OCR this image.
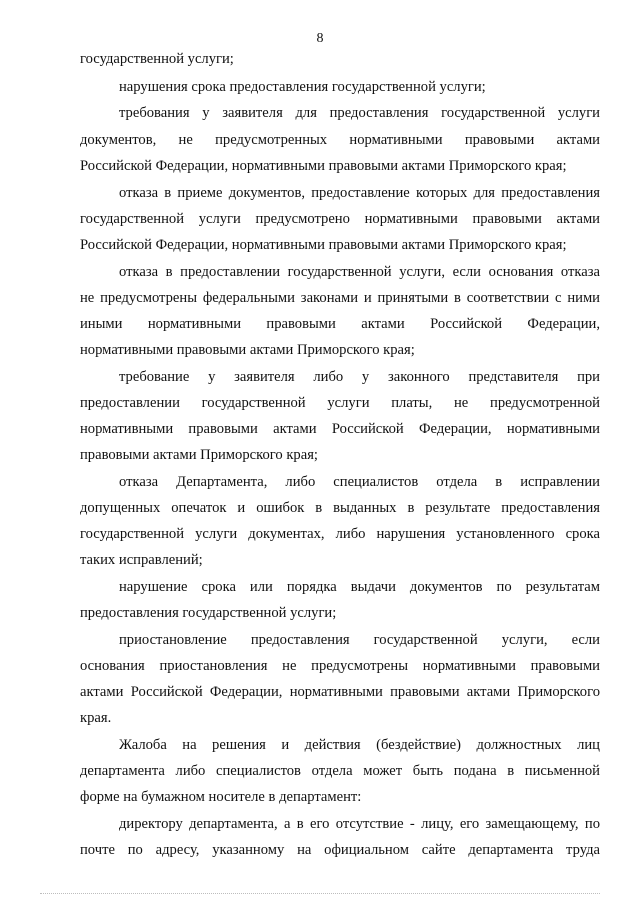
8
государственной услуги;
нарушения срока предоставления государственной услуги;
требования у заявителя для предоставления государственной услуги
документов, не предусмотренных нормативными правовыми актами
Российской Федерации, нормативными правовыми актами Приморского края;
отказа в приеме документов, предоставление которых для предоставления
государственной услуги предусмотрено нормативными правовыми актами
Российской Федерации, нормативными правовыми актами Приморского края;
отказа в предоставлении государственной услуги, если основания отказа
не предусмотрены федеральными законами и принятыми в соответствии с ними
иными нормативными правовыми актами Российской Федерации,
нормативными правовыми актами Приморского края;
требование у заявителя либо у законного представителя при
предоставлении государственной услуги платы, не предусмотренной
нормативными правовыми актами Российской Федерации, нормативными
правовыми актами Приморского края;
отказа Департамента, либо специалистов отдела в исправлении
допущенных опечаток и ошибок в выданных в результате предоставления
государственной услуги документах, либо нарушения установленного срока
таких исправлений;
нарушение срока или порядка выдачи документов по результатам
предоставления государственной услуги;
приостановление предоставления государственной услуги, если
основания приостановления не предусмотрены нормативными правовыми
актами Российской Федерации, нормативными правовыми актами Приморского
края.
Жалоба на решения и действия (бездействие) должностных лиц
департамента либо специалистов отдела может быть подана в письменной
форме на бумажном носителе в департамент:
директору департамента, а в его отсутствие - лицу, его замещающему, по
почте по адресу, указанному на официальном сайте департамента труда
